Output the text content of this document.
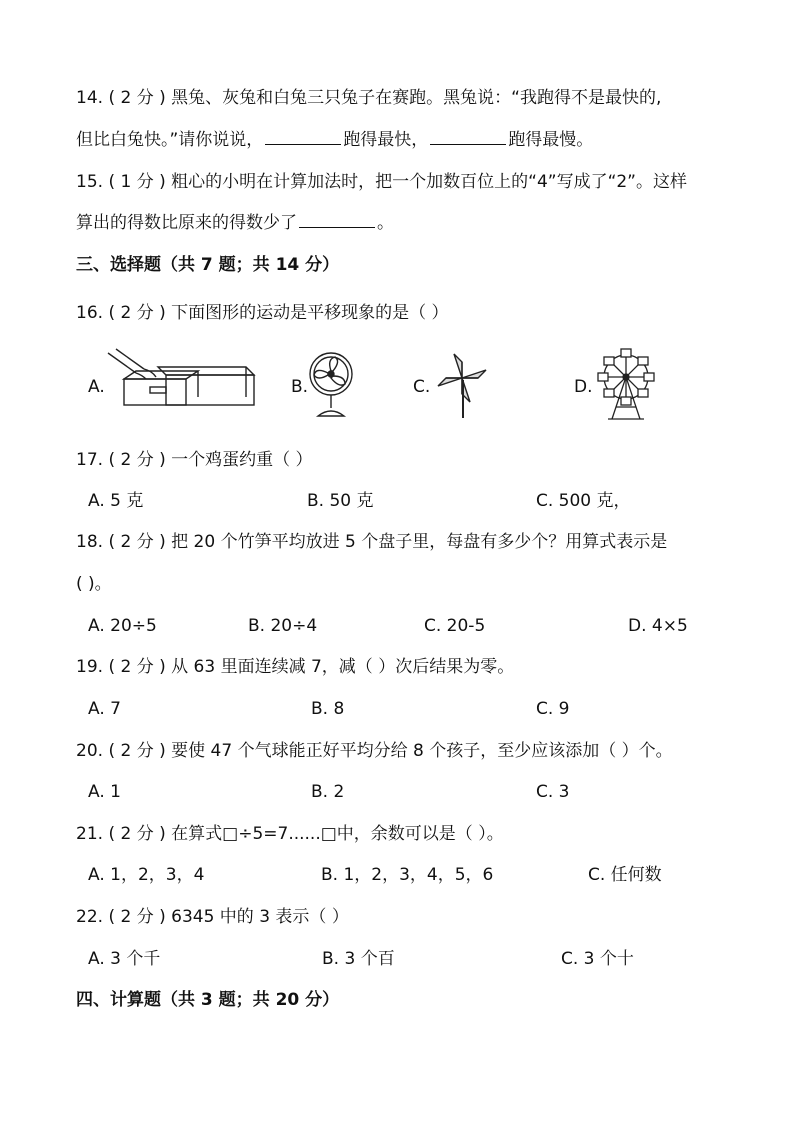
14. ( 2 分 ) 黑兔、灰兔和白兔三只兔子在赛跑。黑兔说：“我跑得不是最快的,
但比白兔快。”请你说说，	跑得最快，	跑得最慢。
15. ( 1 分 ) 粗心的小明在计算加法时，把一个加数百位上的“4”写成了“2”。这样
算出的得数比原来的得数少了	。
三、选择题（共 7 题；共 14 分）
16. ( 2 分 ) 下面图形的运动是平移现象的是（ ）
A.	B.	C.	D.
17. ( 2 分 ) 一个鸡蛋约重（ ）
A. 5 克	B. 50 克	C. 500 克，
18. ( 2 分 ) 把 20 个竹笋平均放进 5 个盘子里，每盘有多少个？用算式表示是
( )。
A. 20÷5	B. 20÷4	C. 20-5	D. 4×5
19. ( 2 分 ) 从 63 里面连续减 7，减（ ）次后结果为零。
A. 7	B. 8	C. 9
20. ( 2 分 ) 要使 47 个气球能正好平均分给 8 个孩子，至少应该添加（ ）个。
A. 1	B. 2	C. 3
21. ( 2 分 ) 在算式□÷5=7......□中，余数可以是（ ）。
A. 1，2，3，4	B. 1，2，3，4，5，6	C. 任何数
22. ( 2 分 ) 6345 中的 3 表示（ ）
A. 3 个千	B. 3 个百	C. 3 个十
四、计算题（共 3 题；共 20 分）
